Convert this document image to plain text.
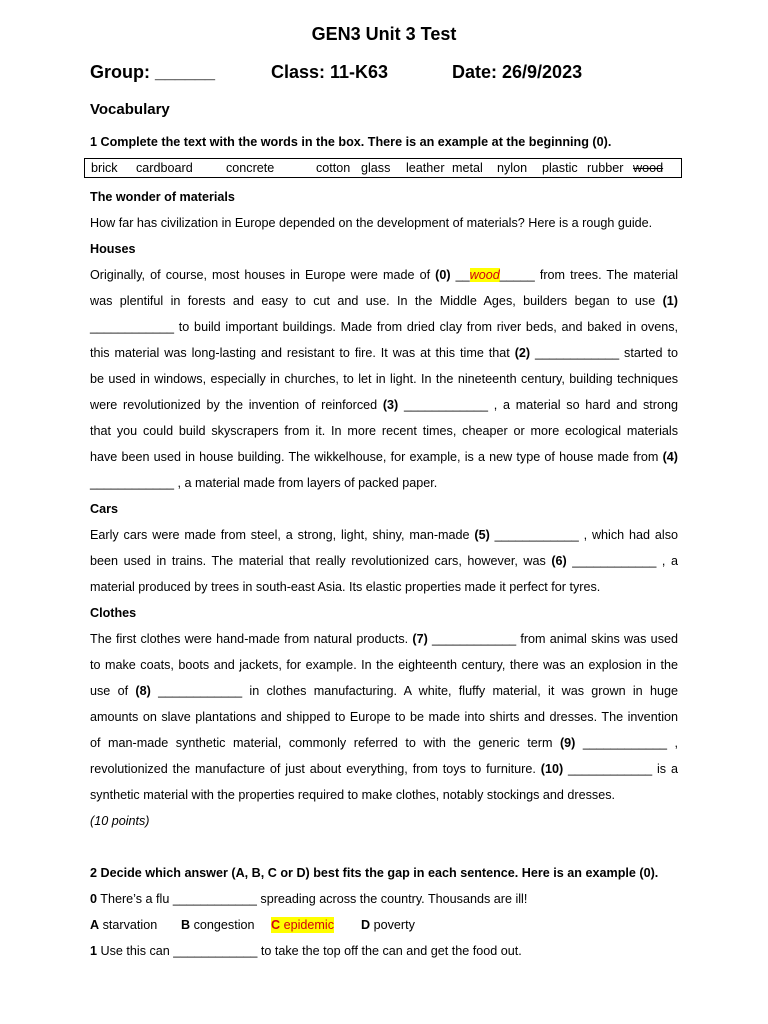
GEN3 Unit 3 Test
Group: ______	Class: 11-K63	Date: 26/9/2023
Vocabulary
1 Complete the text with the words in the box. There is an example at the beginning (0).
brick cardboard	concrete	cotton glass leather metal nylon plastic rubber wood
The wonder of materials
How far has civilization in Europe depended on the development of materials? Here is a rough guide.
Houses
Originally, of course, most houses in Europe were made of (0) __wood_____ from trees. The material
was plentiful in forests and easy to cut and use. In the Middle Ages, builders began to use (1)
____________ to build important buildings. Made from dried clay from river beds, and baked in ovens,
this material was long-lasting and resistant to fire. It was at this time that (2) ____________ started to
be used in windows, especially in churches, to let in light. In the nineteenth century, building techniques
were revolutionized by the invention of reinforced (3) ____________ , a material so hard and strong
that you could build skyscrapers from it. In more recent times, cheaper or more ecological materials
have been used in house building. The wikkelhouse, for example, is a new type of house made from (4)
____________ , a material made from layers of packed paper.
Cars
Early cars were made from steel, a strong, light, shiny, man-made (5) ____________ , which had also
been used in trains. The material that really revolutionized cars, however, was (6) ____________ , a
material produced by trees in south-east Asia. Its elastic properties made it perfect for tyres.
Clothes
The first clothes were hand-made from natural products. (7) ____________ from animal skins was used
to make coats, boots and jackets, for example. In the eighteenth century, there was an explosion in the
use of (8) ____________ in clothes manufacturing. A white, fluffy material, it was grown in huge
amounts on slave plantations and shipped to Europe to be made into shirts and dresses. The invention
of man-made synthetic material, commonly referred to with the generic term (9) ____________ ,
revolutionized the manufacture of just about everything, from toys to furniture. (10) ____________ is a
synthetic material with the properties required to make clothes, notably stockings and dresses.
(10 points)
2 Decide which answer (A, B, C or D) best fits the gap in each sentence. Here is an example (0).
0 There’s a flu ____________ spreading across the country. Thousands are ill!
A starvation B congestion C epidemic D poverty
1 Use this can ____________ to take the top off the can and get the food out.
